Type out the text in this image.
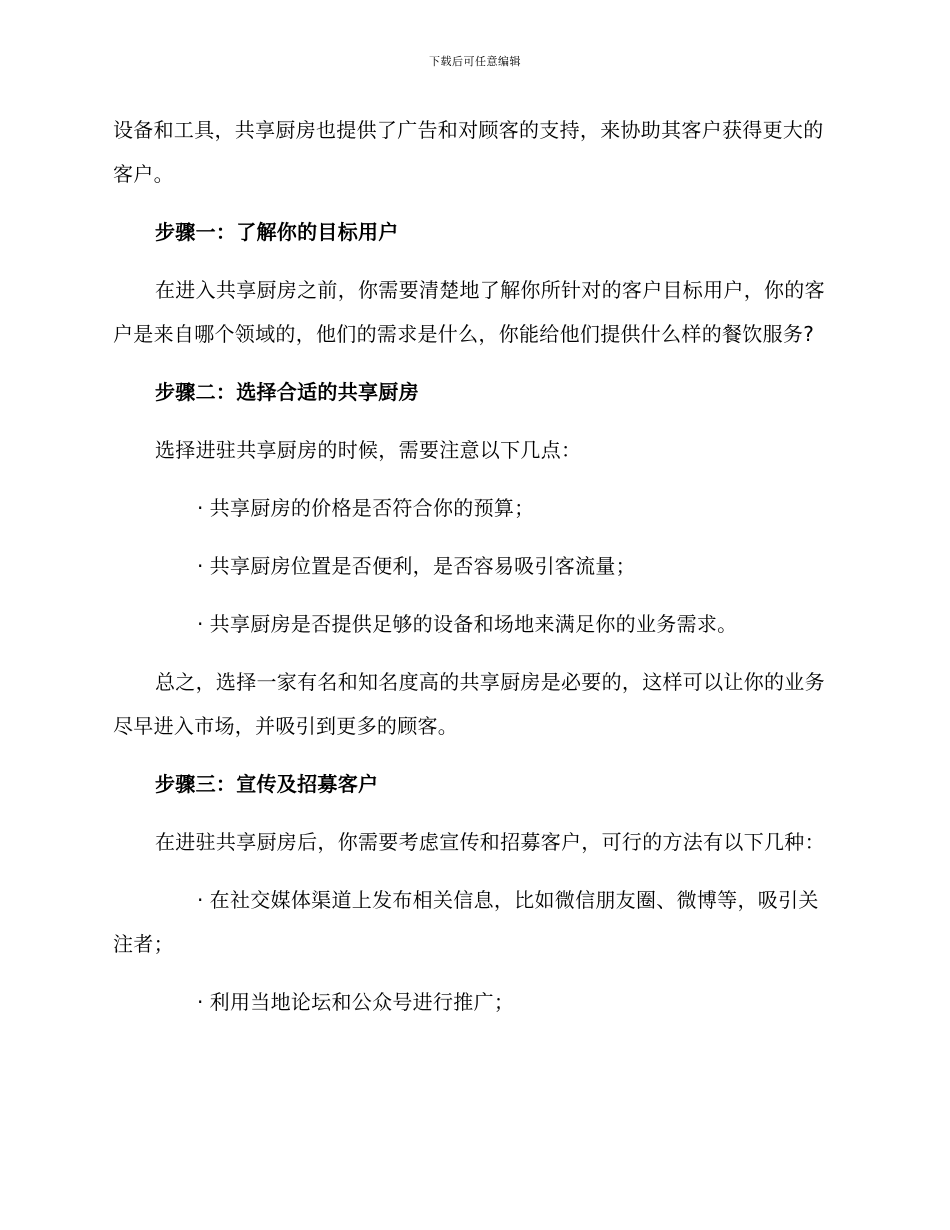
下载后可任意编辑

设备和工具，共享厨房也提供了广告和对顾客的支持，来协助其客户获得更大的客户。

步骤一：了解你的目标用户

在进入共享厨房之前，你需要清楚地了解你所针对的客户目标用户，你的客户是来自哪个领域的，他们的需求是什么，你能给他们提供什么样的餐饮服务?

步骤二：选择合适的共享厨房

选择进驻共享厨房的时候，需要注意以下几点：

· 共享厨房的价格是否符合你的预算；

· 共享厨房位置是否便利，是否容易吸引客流量；

· 共享厨房是否提供足够的设备和场地来满足你的业务需求。

总之，选择一家有名和知名度高的共享厨房是必要的，这样可以让你的业务尽早进入市场，并吸引到更多的顾客。

步骤三：宣传及招募客户

在进驻共享厨房后，你需要考虑宣传和招募客户，可行的方法有以下几种：

· 在社交媒体渠道上发布相关信息，比如微信朋友圈、微博等，吸引关注者；

· 利用当地论坛和公众号进行推广；
